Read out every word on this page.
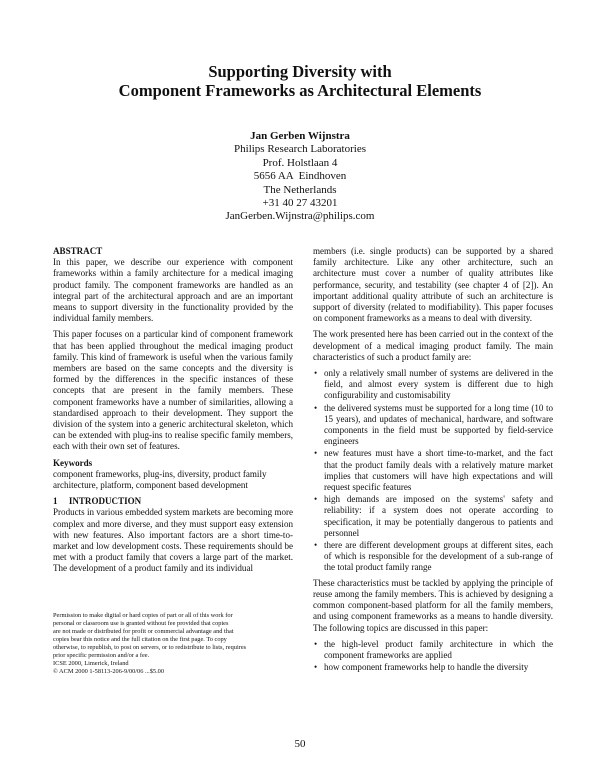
Supporting Diversity with
Component Frameworks as Architectural Elements
Jan Gerben Wijnstra
Philips Research Laboratories
Prof. Holstlaan 4
5656 AA  Eindhoven
The Netherlands
+31 40 27 43201
JanGerben.Wijnstra@philips.com
ABSTRACT

In this paper, we describe our experience with component frameworks within a family architecture for a medical imaging product family. The component frameworks are handled as an integral part of the architectural approach and are an important means to support diversity in the functionality provided by the individual family members.

This paper focuses on a particular kind of component framework that has been applied throughout the medical imaging product family. This kind of framework is useful when the various family members are based on the same concepts and the diversity is formed by the differences in the specific instances of these concepts that are present in the family members. These component frameworks have a number of similarities, allowing a standardised approach to their development. They support the division of the system into a generic architectural skeleton, which can be extended with plug-ins to realise specific family members, each with their own set of features.

Keywords

component frameworks, plug-ins, diversity, product family architecture, platform, component based development

1     INTRODUCTION

Products in various embedded system markets are becoming more complex and more diverse, and they must support easy extension with new features. Also important factors are a short time-to-market and low development costs. These requirements should be met with a product family that covers a large part of the market. The development of a product family and its individual

Permission to make digital or hard copies of part or all of this work for
personal or classroom use is granted without fee provided that copies
are not made or distributed for profit or commercial advantage and that
copies bear this notice and the full citation on the first page. To copy
otherwise, to republish, to post on servers, or to redistribute to lists, requires
prior specific permission and/or a fee.
ICSE 2000, Limerick, Ireland
© ACM 2000 1-58113-206-9/00/06 ...$5.00

members (i.e. single products) can be supported by a shared family architecture. Like any other architecture, such an architecture must cover a number of quality attributes like performance, security, and testability (see chapter 4 of [2]). An important additional quality attribute of such an architecture is support of diversity (related to modifiability). This paper focuses on component frameworks as a means to deal with diversity.

The work presented here has been carried out in the context of the development of a medical imaging product family. The main characteristics of such a product family are:

• only a relatively small number of systems are delivered in the field, and almost every system is different due to high configurability and customisability
• the delivered systems must be supported for a long time (10 to 15 years), and updates of mechanical, hardware, and software components in the field must be supported by field-service engineers
• new features must have a short time-to-market, and the fact that the product family deals with a relatively mature market implies that customers will have high expectations and will request specific features
• high demands are imposed on the systems' safety and reliability: if a system does not operate according to specification, it may be potentially dangerous to patients and personnel
• there are different development groups at different sites, each of which is responsible for the development of a sub-range of the total product family range

These characteristics must be tackled by applying the principle of reuse among the family members. This is achieved by designing a common component-based platform for all the family members, and using component frameworks as a means to handle diversity. The following topics are discussed in this paper:

• the high-level product family architecture in which the component frameworks are applied
• how component frameworks help to handle the diversity
50
